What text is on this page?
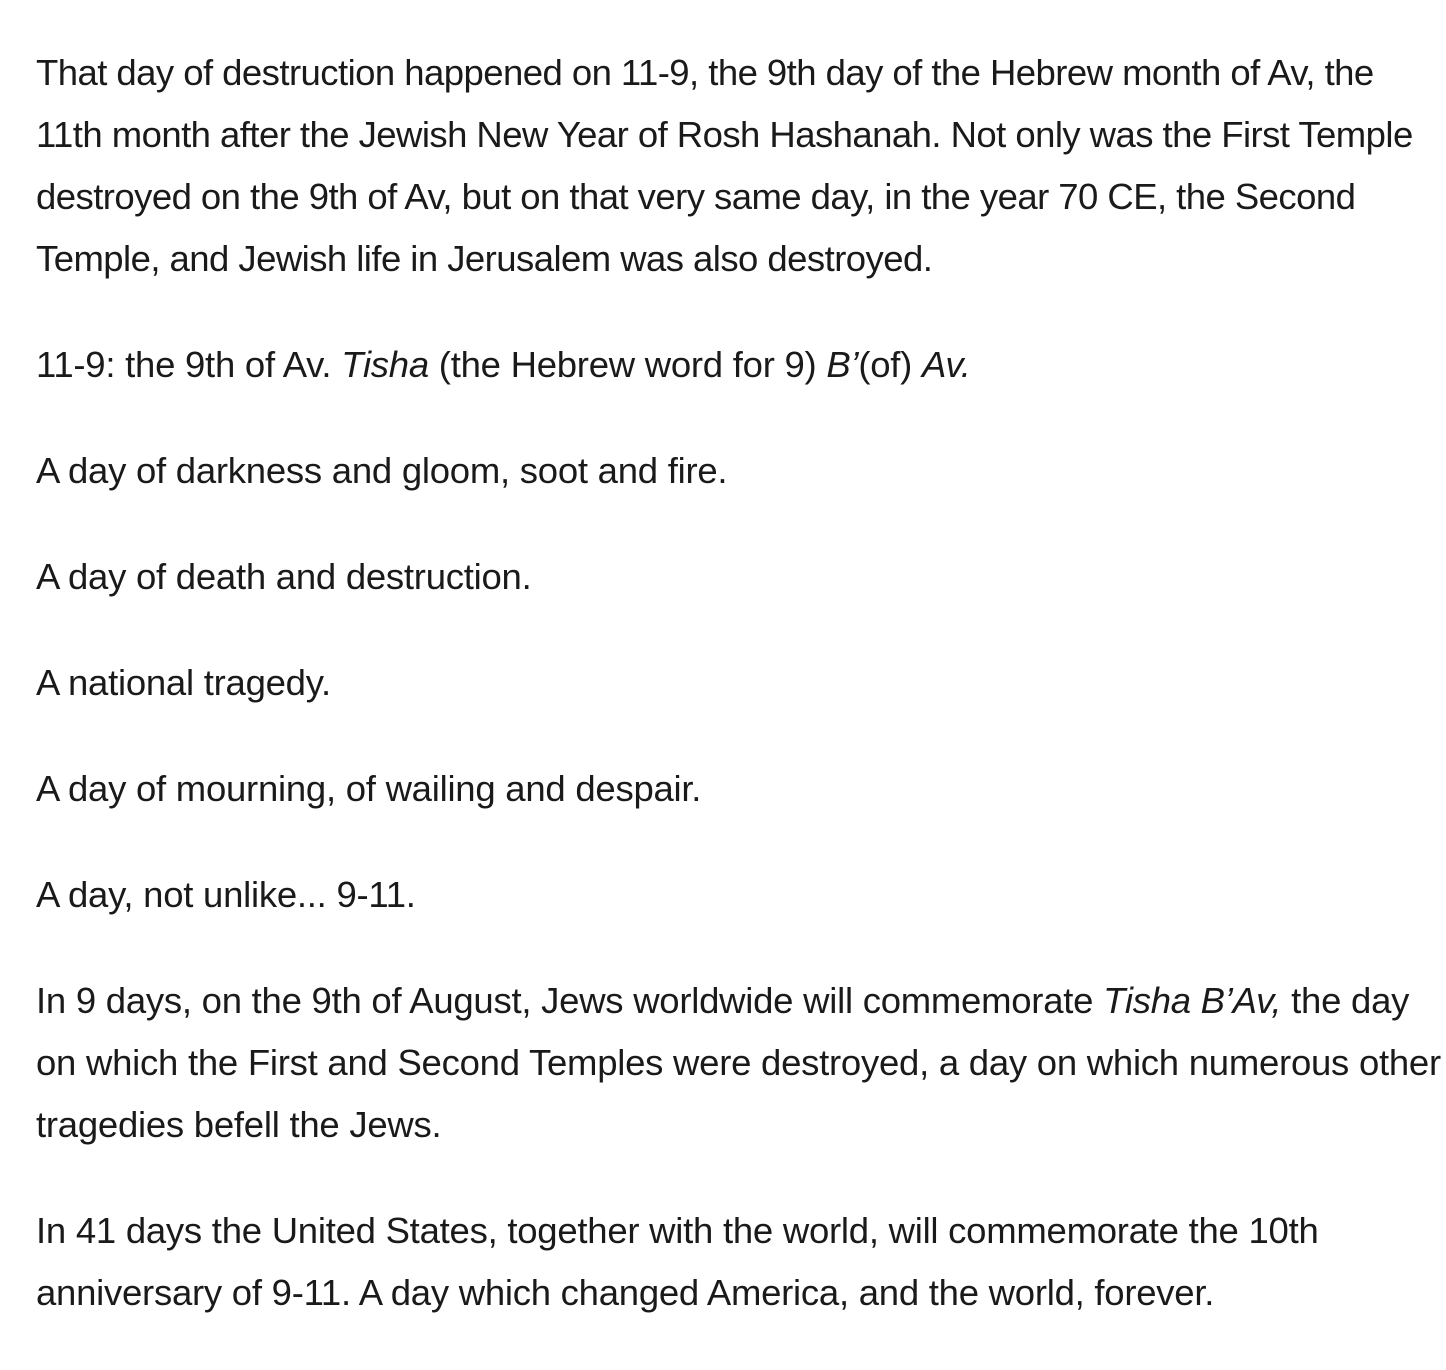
That day of destruction happened on 11-9, the 9th day of the Hebrew month of Av, the 11th month after the Jewish New Year of Rosh Hashanah. Not only was the First Temple destroyed on the 9th of Av, but on that very same day, in the year 70 CE, the Second Temple, and Jewish life in Jerusalem was also destroyed.

11-9: the 9th of Av. Tisha (the Hebrew word for 9) B’(of) Av.

A day of darkness and gloom, soot and fire.

A day of death and destruction.

A national tragedy.

A day of mourning, of wailing and despair.

A day, not unlike... 9-11.

In 9 days, on the 9th of August, Jews worldwide will commemorate Tisha B’Av, the day on which the First and Second Temples were destroyed, a day on which numerous other tragedies befell the Jews.

In 41 days the United States, together with the world, will commemorate the 10th anniversary of 9-11. A day which changed America, and the world, forever.
